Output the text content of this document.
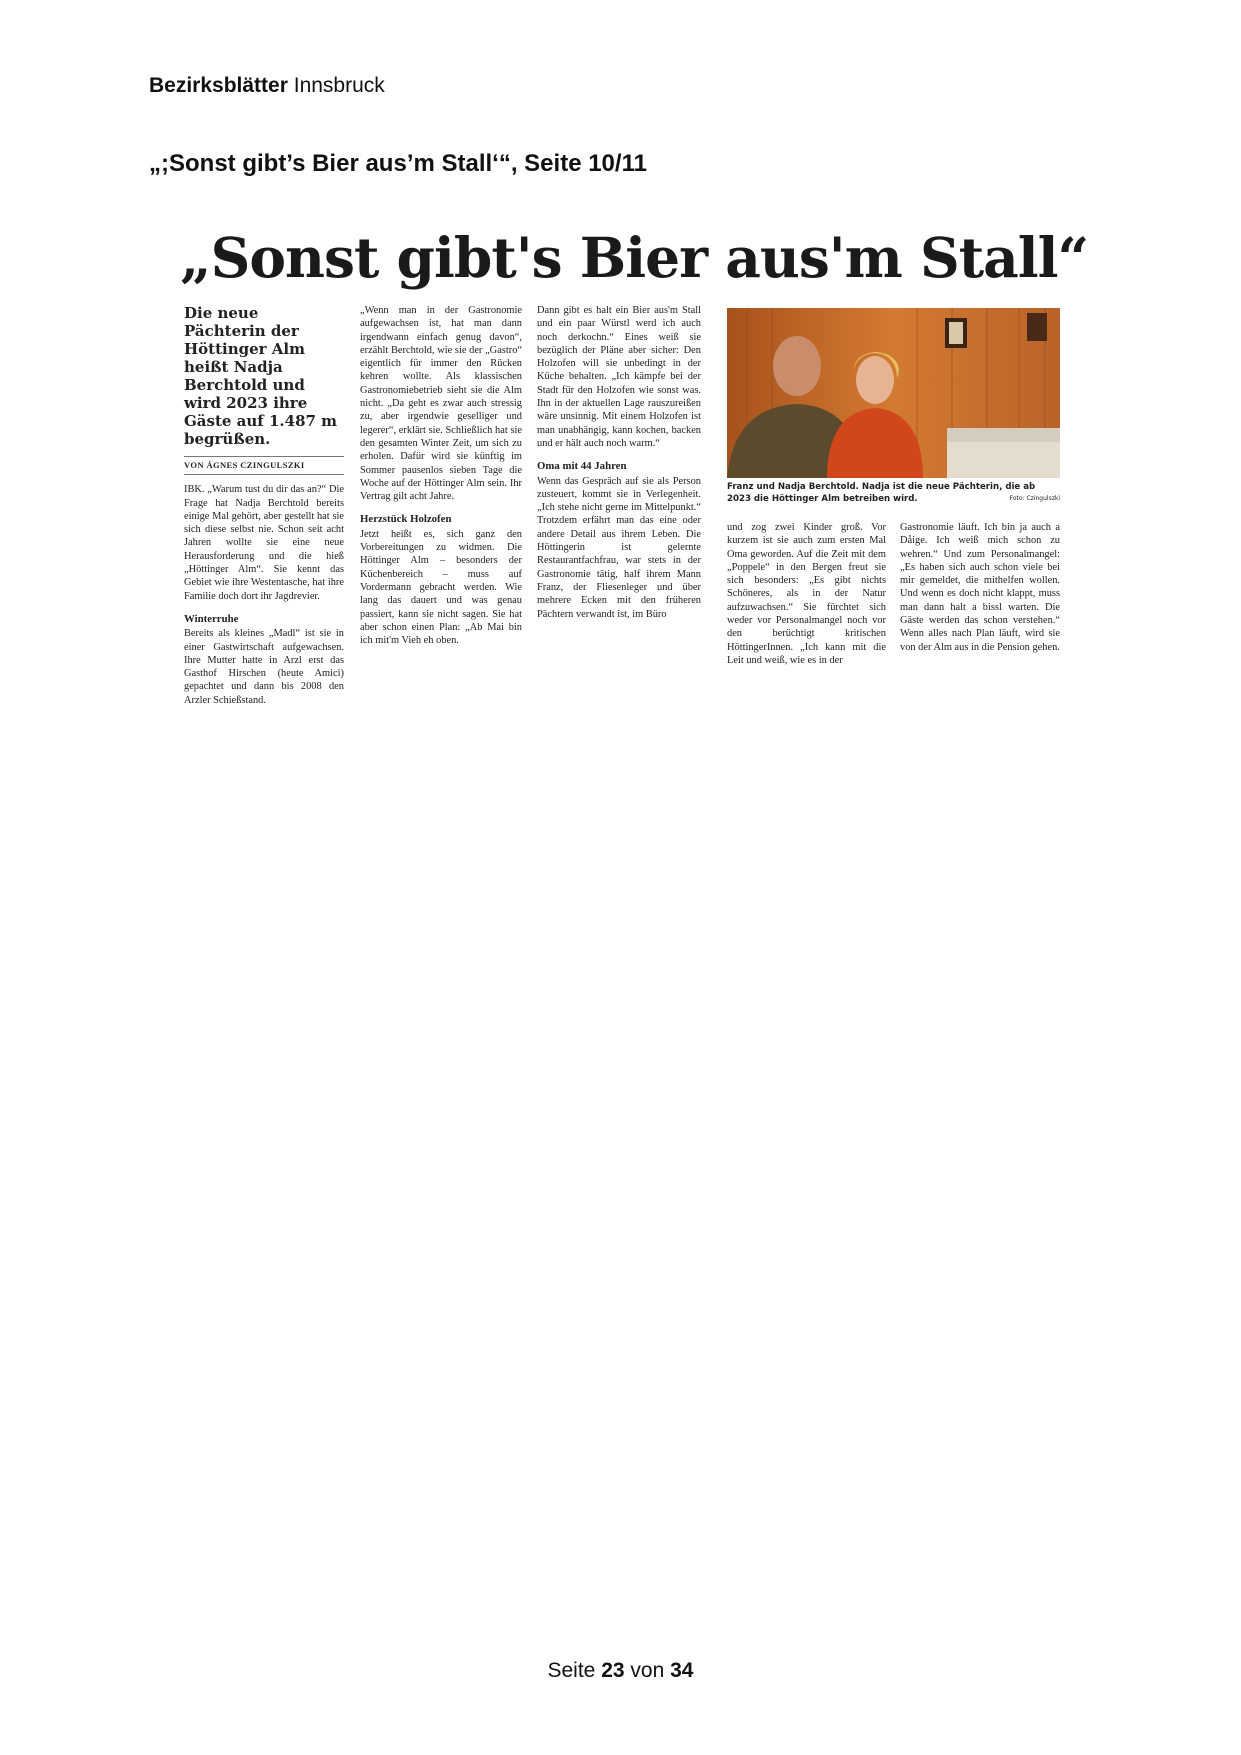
Bezirksblätter Innsbruck
„;Sonst gibt’s Bier aus’m Stall‘“, Seite 10/11
„Sonst gibt's Bier aus'm Stall“
Die neue Pächterin der Höttinger Alm heißt Nadja Berchtold und wird 2023 ihre Gäste auf 1.487 m begrüßen.
VON ÁGNES CZINGULSZKI

IBK. „Warum tust du dir das an?“ Die Frage hat Nadja Berchtold bereits einige Mal gehört, aber gestellt hat sie sich diese selbst nie. Schon seit acht Jahren wollte sie eine neue Herausforderung und die hieß „Höttinger Alm“. Sie kennt das Gebiet wie ihre Westentasche, hat ihre Familie doch dort ihr Jagdrevier.

Winterruhe

Bereits als kleines „Madl“ ist sie in einer Gastwirtschaft aufgewachsen. Ihre Mutter hatte in Arzl erst das Gasthof Hirschen (heute Amici) gepachtet und dann bis 2008 den Arzler Schießstand.

„Wenn man in der Gastronomie aufgewachsen ist, hat man dann irgendwann einfach genug davon“, erzählt Berchtold, wie sie der „Gastro“ eigentlich für immer den Rücken kehren wollte. Als klassischen Gastronomiebetrieb sieht sie die Alm nicht. „Da geht es zwar auch stressig zu, aber irgendwie geselliger und legerer“, erklärt sie. Schließlich hat sie den gesamten Winter Zeit, um sich zu erholen. Dafür wird sie künftig im Sommer pausenlos sieben Tage die Woche auf der Höttinger Alm sein. Ihr Vertrag gilt acht Jahre.

Herzstück Holzofen

Jetzt heißt es, sich ganz den Vorbereitungen zu widmen. Die Höttinger Alm – besonders der Küchenbereich – muss auf Vordermann gebracht werden. Wie lang das dauert und was genau passiert, kann sie nicht sagen. Sie hat aber schon einen Plan: „Ab Mai bin ich mit'm Vieh eh oben.

Dann gibt es halt ein Bier aus'm Stall und ein paar Würstl werd ich auch noch derkochn.“ Eines weiß sie bezüglich der Pläne aber sicher: Den Holzofen will sie unbedingt in der Küche behalten. „Ich kämpfe bei der Stadt für den Holzofen wie sonst was. Ihn in der aktuellen Lage rauszureißen wäre unsinnig. Mit einem Holzofen ist man unabhängig, kann kochen, backen und er hält auch noch warm.“

Oma mit 44 Jahren

Wenn das Gespräch auf sie als Person zusteuert, kommt sie in Verlegenheit. „Ich stehe nicht gerne im Mittelpunkt.“ Trotzdem erfährt man das eine oder andere Detail aus ihrem Leben. Die Höttingerin ist gelernte Restaurantfachfrau, war stets in der Gastronomie tätig, half ihrem Mann Franz, der Fliesenleger und über mehrere Ecken mit den früheren Pächtern verwandt ist, im Büro

Franz und Nadja Berchtold. Nadja ist die neue Pächterin, die ab 2023 die Höttinger Alm betreiben wird.	Foto: Czingulszki

und zog zwei Kinder groß. Vor kurzem ist sie auch zum ersten Mal Oma geworden. Auf die Zeit mit dem „Poppele“ in den Bergen freut sie sich besonders: „Es gibt nichts Schöneres, als in der Natur aufzuwachsen.“ Sie fürchtet sich weder vor Personalmangel noch vor den berüchtigt kritischen HöttingerInnen. „Ich kann mit die Leit und weiß, wie es in der

Gastronomie läuft. Ich bin ja auch a Dåige. Ich weiß mich schon zu wehren.“ Und zum Personalmangel: „Es haben sich auch schon viele bei mir gemeldet, die mithelfen wollen. Und wenn es doch nicht klappt, muss man dann halt a bissl warten. Die Gäste werden das schon verstehen.“ Wenn alles nach Plan läuft, wird sie von der Alm aus in die Pension gehen.

Seite 23 von 34
